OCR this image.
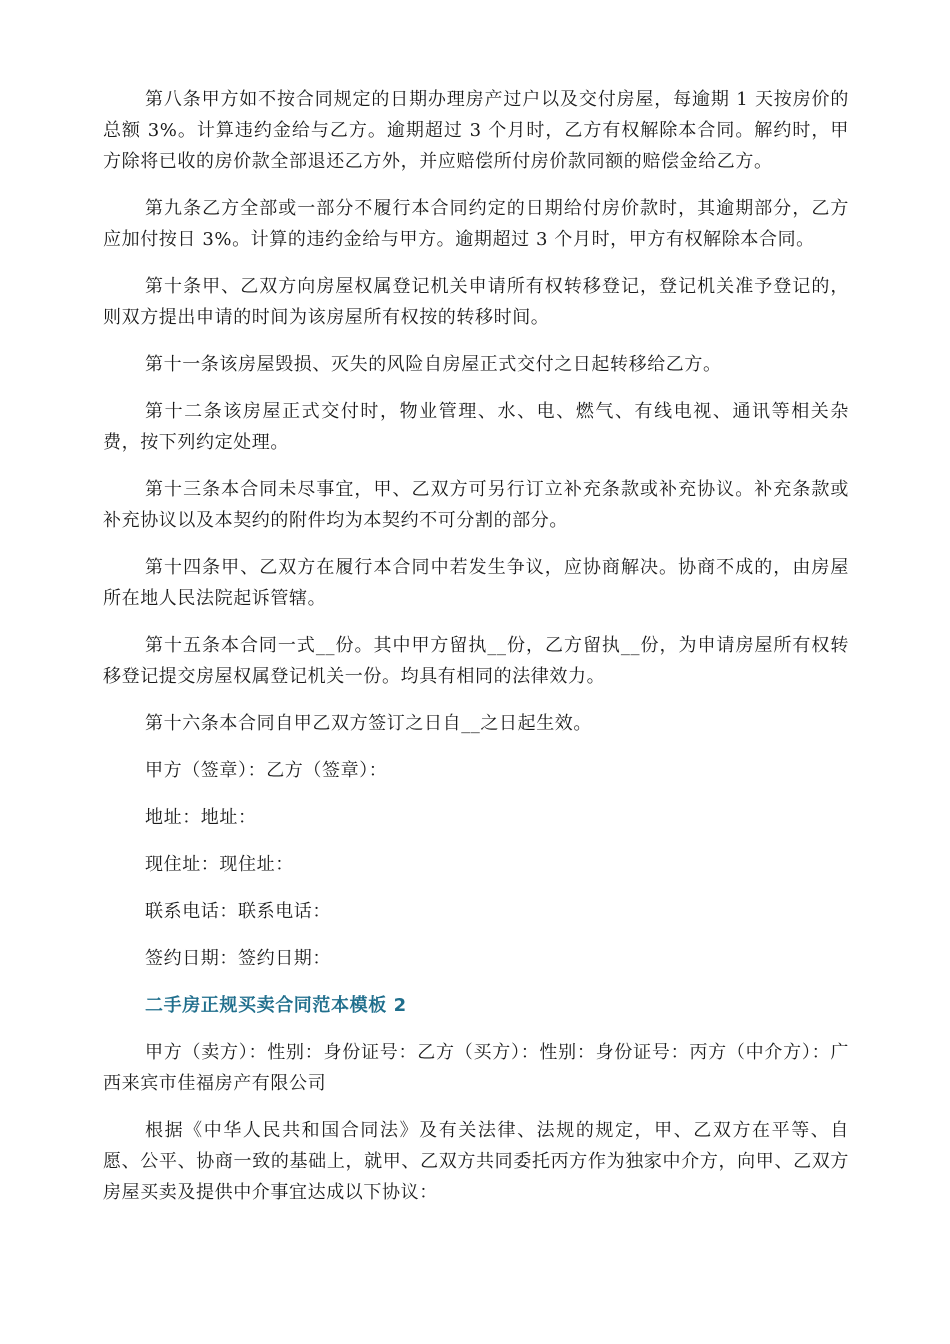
第八条甲方如不按合同规定的日期办理房产过户以及交付房屋，每逾期 1 天按房价的总额 3%。计算违约金给与乙方。逾期超过 3 个月时，乙方有权解除本合同。解约时，甲方除将已收的房价款全部退还乙方外，并应赔偿所付房价款同额的赔偿金给乙方。

第九条乙方全部或一部分不履行本合同约定的日期给付房价款时，其逾期部分，乙方应加付按日 3%。计算的违约金给与甲方。逾期超过 3 个月时，甲方有权解除本合同。

第十条甲、乙双方向房屋权属登记机关申请所有权转移登记，登记机关准予登记的，则双方提出申请的时间为该房屋所有权按的转移时间。

第十一条该房屋毁损、灭失的风险自房屋正式交付之日起转移给乙方。

第十二条该房屋正式交付时，物业管理、水、电、燃气、有线电视、通讯等相关杂费，按下列约定处理。

第十三条本合同未尽事宜，甲、乙双方可另行订立补充条款或补充协议。补充条款或补充协议以及本契约的附件均为本契约不可分割的部分。

第十四条甲、乙双方在履行本合同中若发生争议，应协商解决。协商不成的，由房屋所在地人民法院起诉管辖。

第十五条本合同一式__份。其中甲方留执__份，乙方留执__份，为申请房屋所有权转移登记提交房屋权属登记机关一份。均具有相同的法律效力。

第十六条本合同自甲乙双方签订之日自__之日起生效。

甲方（签章）：乙方（签章）：

地址：地址：

现住址：现住址：

联系电话：联系电话：

签约日期：签约日期：

二手房正规买卖合同范本模板 2

甲方（卖方）：性别：身份证号：乙方（买方）：性别：身份证号：丙方（中介方）：广西来宾市佳福房产有限公司

根据《中华人民共和国合同法》及有关法律、法规的规定，甲、乙双方在平等、自愿、公平、协商一致的基础上，就甲、乙双方共同委托丙方作为独家中介方，向甲、乙双方房屋买卖及提供中介事宜达成以下协议：
